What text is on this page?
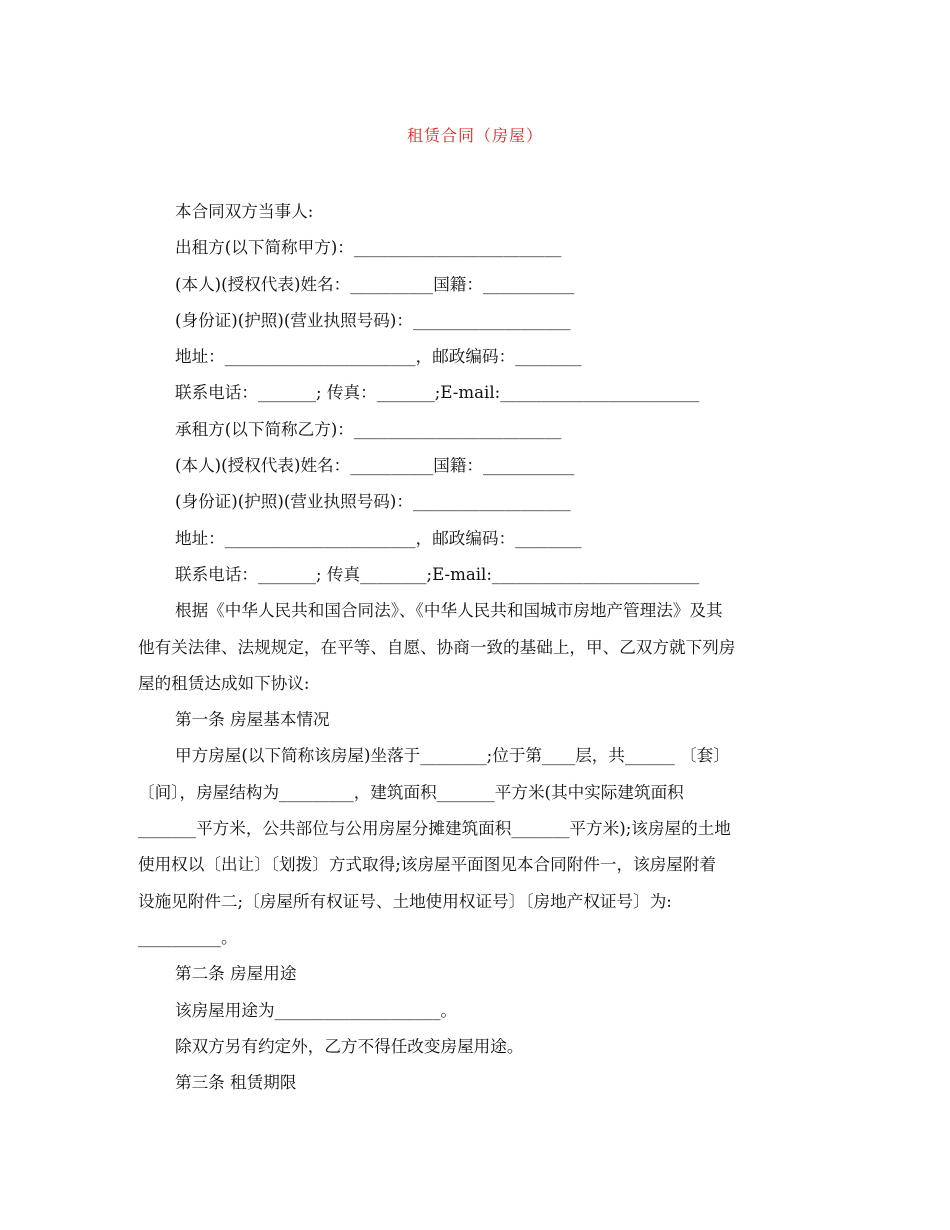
租赁合同（房屋）
本合同双方当事人:
出租方(以下简称甲方)：_________________________
(本人)(授权代表)姓名：__________国籍：___________
(身份证)(护照)(营业执照号码)：___________________
地址：_______________________，邮政编码：________
联系电话：_______; 传真：_______;E-mail:________________________
承租方(以下简称乙方)：_________________________
(本人)(授权代表)姓名：__________国籍：___________
(身份证)(护照)(营业执照号码)：___________________
地址：_______________________，邮政编码：________
联系电话：_______; 传真________;E-mail:_________________________
根据《中华人民共和国合同法》、《中华人民共和国城市房地产管理法》及其
他有关法律、法规规定，在平等、自愿、协商一致的基础上，甲、乙双方就下列房
屋的租赁达成如下协议:
第一条 房屋基本情况
甲方房屋(以下简称该房屋)坐落于________;位于第____层，共______ 〔套〕
〔间〕，房屋结构为_________，建筑面积_______平方米(其中实际建筑面积
_______平方米，公共部位与公用房屋分摊建筑面积_______平方米);该房屋的土地
使用权以〔出让〕〔划拨〕方式取得;该房屋平面图见本合同附件一，该房屋附着
设施见附件二;〔房屋所有权证号、土地使用权证号〕〔房地产权证号〕为:
__________。
第二条 房屋用途
该房屋用途为____________________。
除双方另有约定外，乙方不得任改变房屋用途。
第三条 租赁期限
